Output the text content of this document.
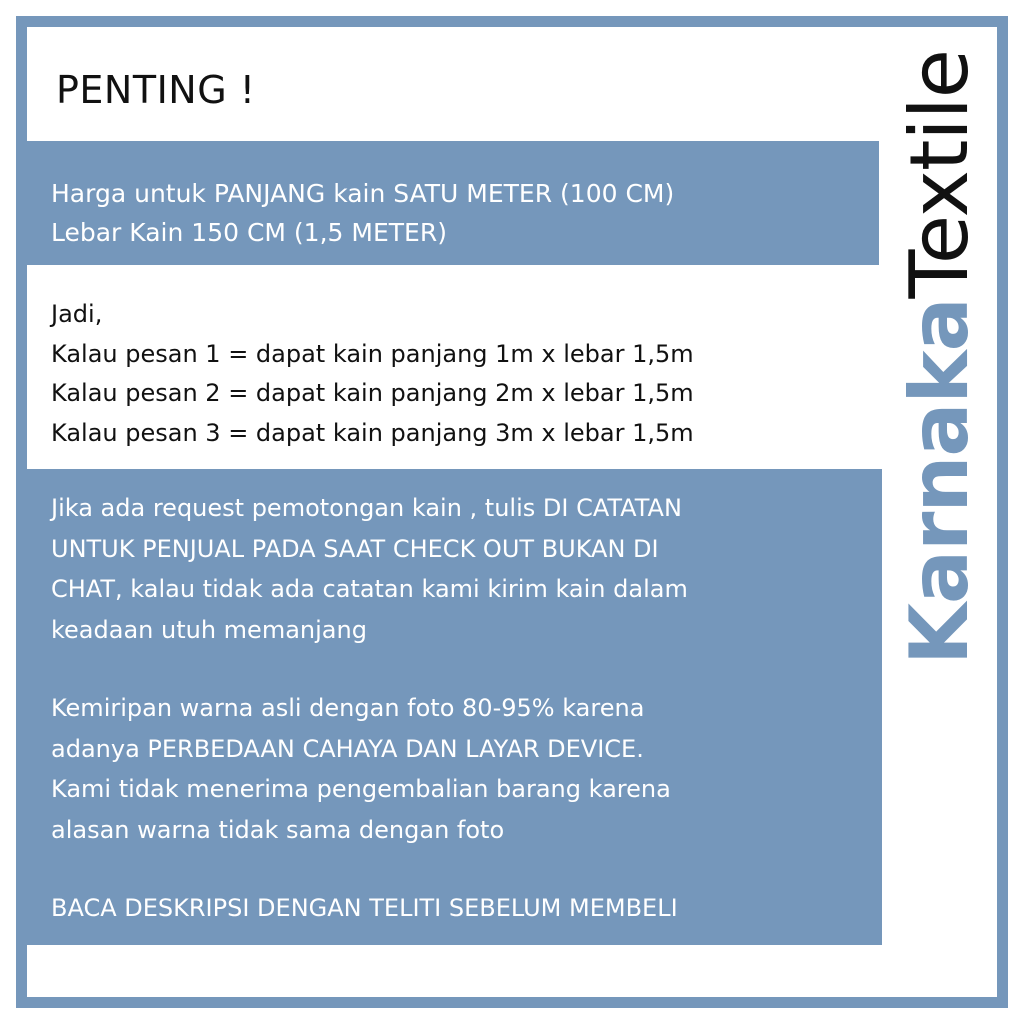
PENTING !
Harga untuk PANJANG kain SATU METER (100 CM)
Lebar Kain 150 CM (1,5 METER)
Jadi,
Kalau pesan 1 = dapat kain panjang 1m x lebar 1,5m
Kalau pesan 2 = dapat kain panjang 2m x lebar 1,5m
Kalau pesan 3 = dapat kain panjang 3m x lebar 1,5m
Jika ada request pemotongan kain , tulis DI CATATAN
UNTUK PENJUAL PADA SAAT CHECK OUT BUKAN DI
CHAT, kalau tidak ada catatan kami kirim kain dalam
keadaan utuh memanjang
Kemiripan warna asli dengan foto 80-95% karena
adanya PERBEDAAN CAHAYA DAN LAYAR DEVICE.
Kami tidak menerima pengembalian barang karena
alasan warna tidak sama dengan foto
BACA DESKRIPSI DENGAN TELITI SEBELUM MEMBELI
KarnakaTextile
